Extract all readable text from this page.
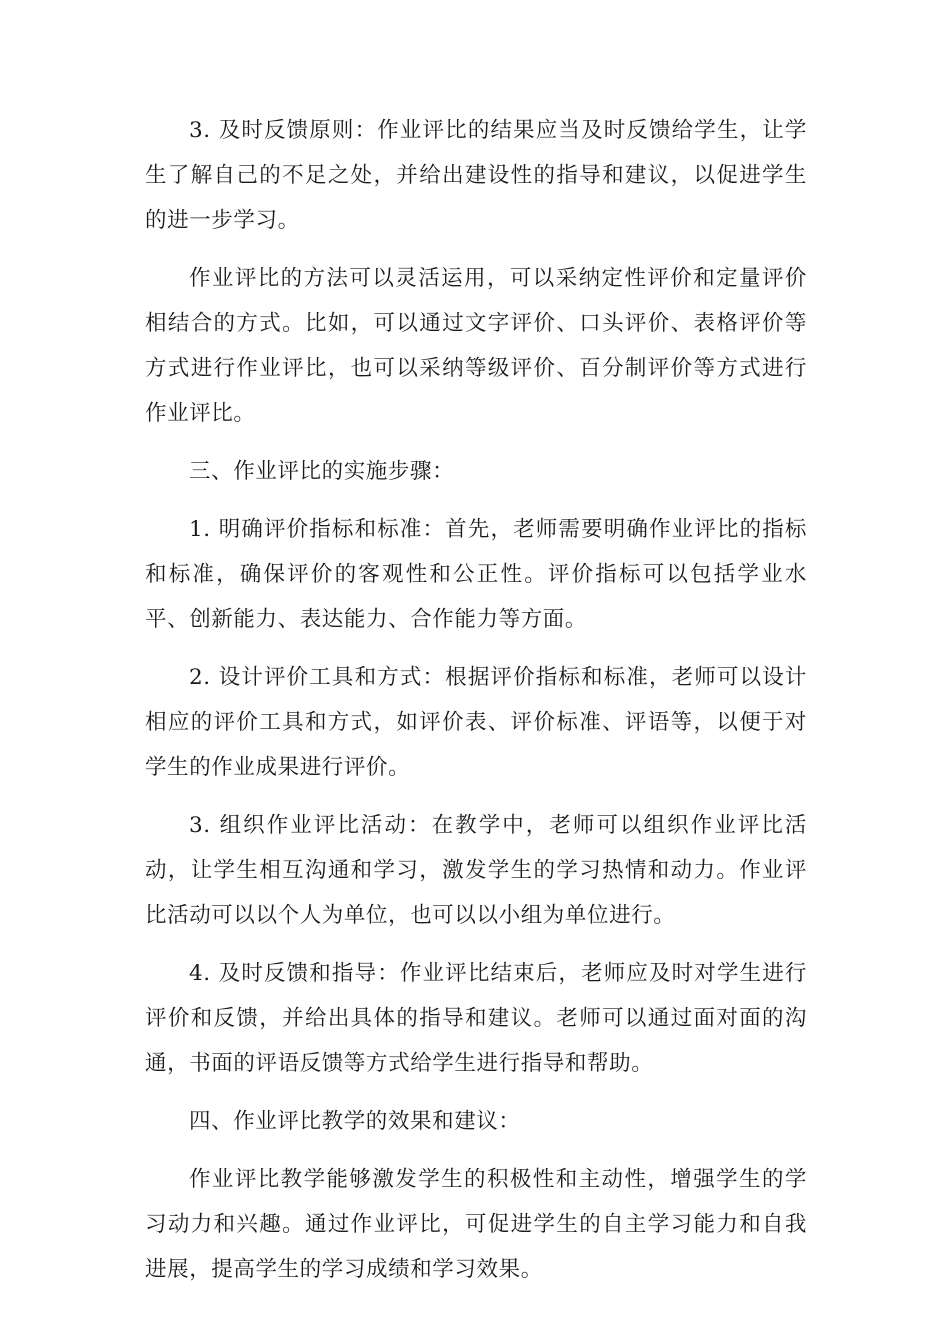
3. 及时反馈原则：作业评比的结果应当及时反馈给学生，让学生了解自己的不足之处，并给出建设性的指导和建议，以促进学生的进一步学习。

作业评比的方法可以灵活运用，可以采纳定性评价和定量评价相结合的方式。比如，可以通过文字评价、口头评价、表格评价等方式进行作业评比，也可以采纳等级评价、百分制评价等方式进行作业评比。

三、作业评比的实施步骤：

1. 明确评价指标和标准：首先，老师需要明确作业评比的指标和标准，确保评价的客观性和公正性。评价指标可以包括学业水平、创新能力、表达能力、合作能力等方面。

2. 设计评价工具和方式：根据评价指标和标准，老师可以设计相应的评价工具和方式，如评价表、评价标准、评语等，以便于对学生的作业成果进行评价。

3. 组织作业评比活动：在教学中，老师可以组织作业评比活动，让学生相互沟通和学习，激发学生的学习热情和动力。作业评比活动可以以个人为单位，也可以以小组为单位进行。

4. 及时反馈和指导：作业评比结束后，老师应及时对学生进行评价和反馈，并给出具体的指导和建议。老师可以通过面对面的沟通，书面的评语反馈等方式给学生进行指导和帮助。

四、作业评比教学的效果和建议：

作业评比教学能够激发学生的积极性和主动性，增强学生的学习动力和兴趣。通过作业评比，可促进学生的自主学习能力和自我进展，提高学生的学习成绩和学习效果。
